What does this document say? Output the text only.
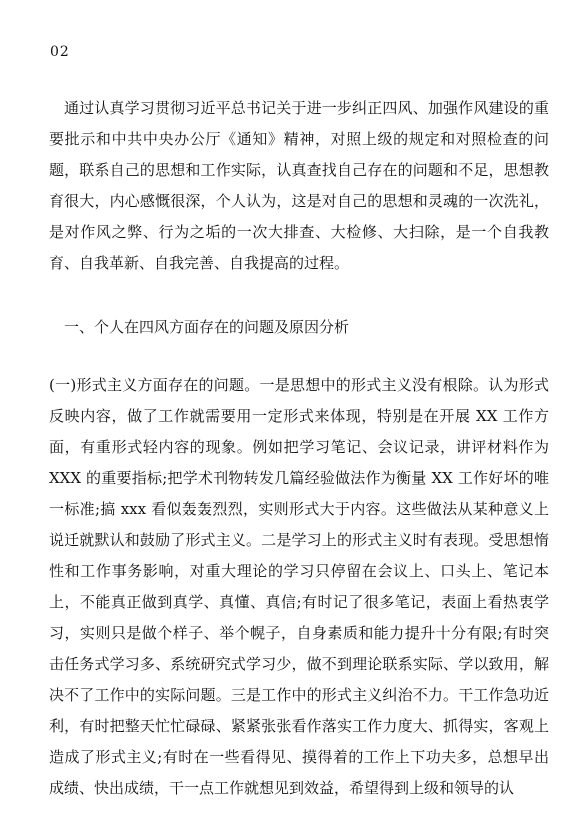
02

通过认真学习贯彻习近平总书记关于进一步纠正四风、加强作风建设的重要批示和中共中央办公厅《通知》精神，对照上级的规定和对照检查的问题，联系自己的思想和工作实际，认真查找自己存在的问题和不足，思想教育很大，内心感慨很深，个人认为，这是对自己的思想和灵魂的一次洗礼，是对作风之弊、行为之垢的一次大排查、大检修、大扫除，是一个自我教育、自我革新、自我完善、自我提高的过程。

一、个人在四风方面存在的问题及原因分析

(一)形式主义方面存在的问题。一是思想中的形式主义没有根除。认为形式反映内容，做了工作就需要用一定形式来体现，特别是在开展 XX 工作方面，有重形式轻内容的现象。例如把学习笔记、会议记录，讲评材料作为 XXX 的重要指标;把学术刊物转发几篇经验做法作为衡量 XX 工作好坏的唯一标准;搞 xxx 看似轰轰烈烈，实则形式大于内容。这些做法从某种意义上说迁就默认和鼓励了形式主义。二是学习上的形式主义时有表现。受思想惰性和工作事务影响，对重大理论的学习只停留在会议上、口头上、笔记本上，不能真正做到真学、真懂、真信;有时记了很多笔记，表面上看热衷学习，实则只是做个样子、举个幌子，自身素质和能力提升十分有限;有时突击任务式学习多、系统研究式学习少，做不到理论联系实际、学以致用，解决不了工作中的实际问题。三是工作中的形式主义纠治不力。干工作急功近利，有时把整天忙忙碌碌、紧紧张张看作落实工作力度大、抓得实，客观上造成了形式主义;有时在一些看得见、摸得着的工作上下功夫多，总想早出成绩、快出成绩，干一点工作就想见到效益，希望得到上级和领导的认
